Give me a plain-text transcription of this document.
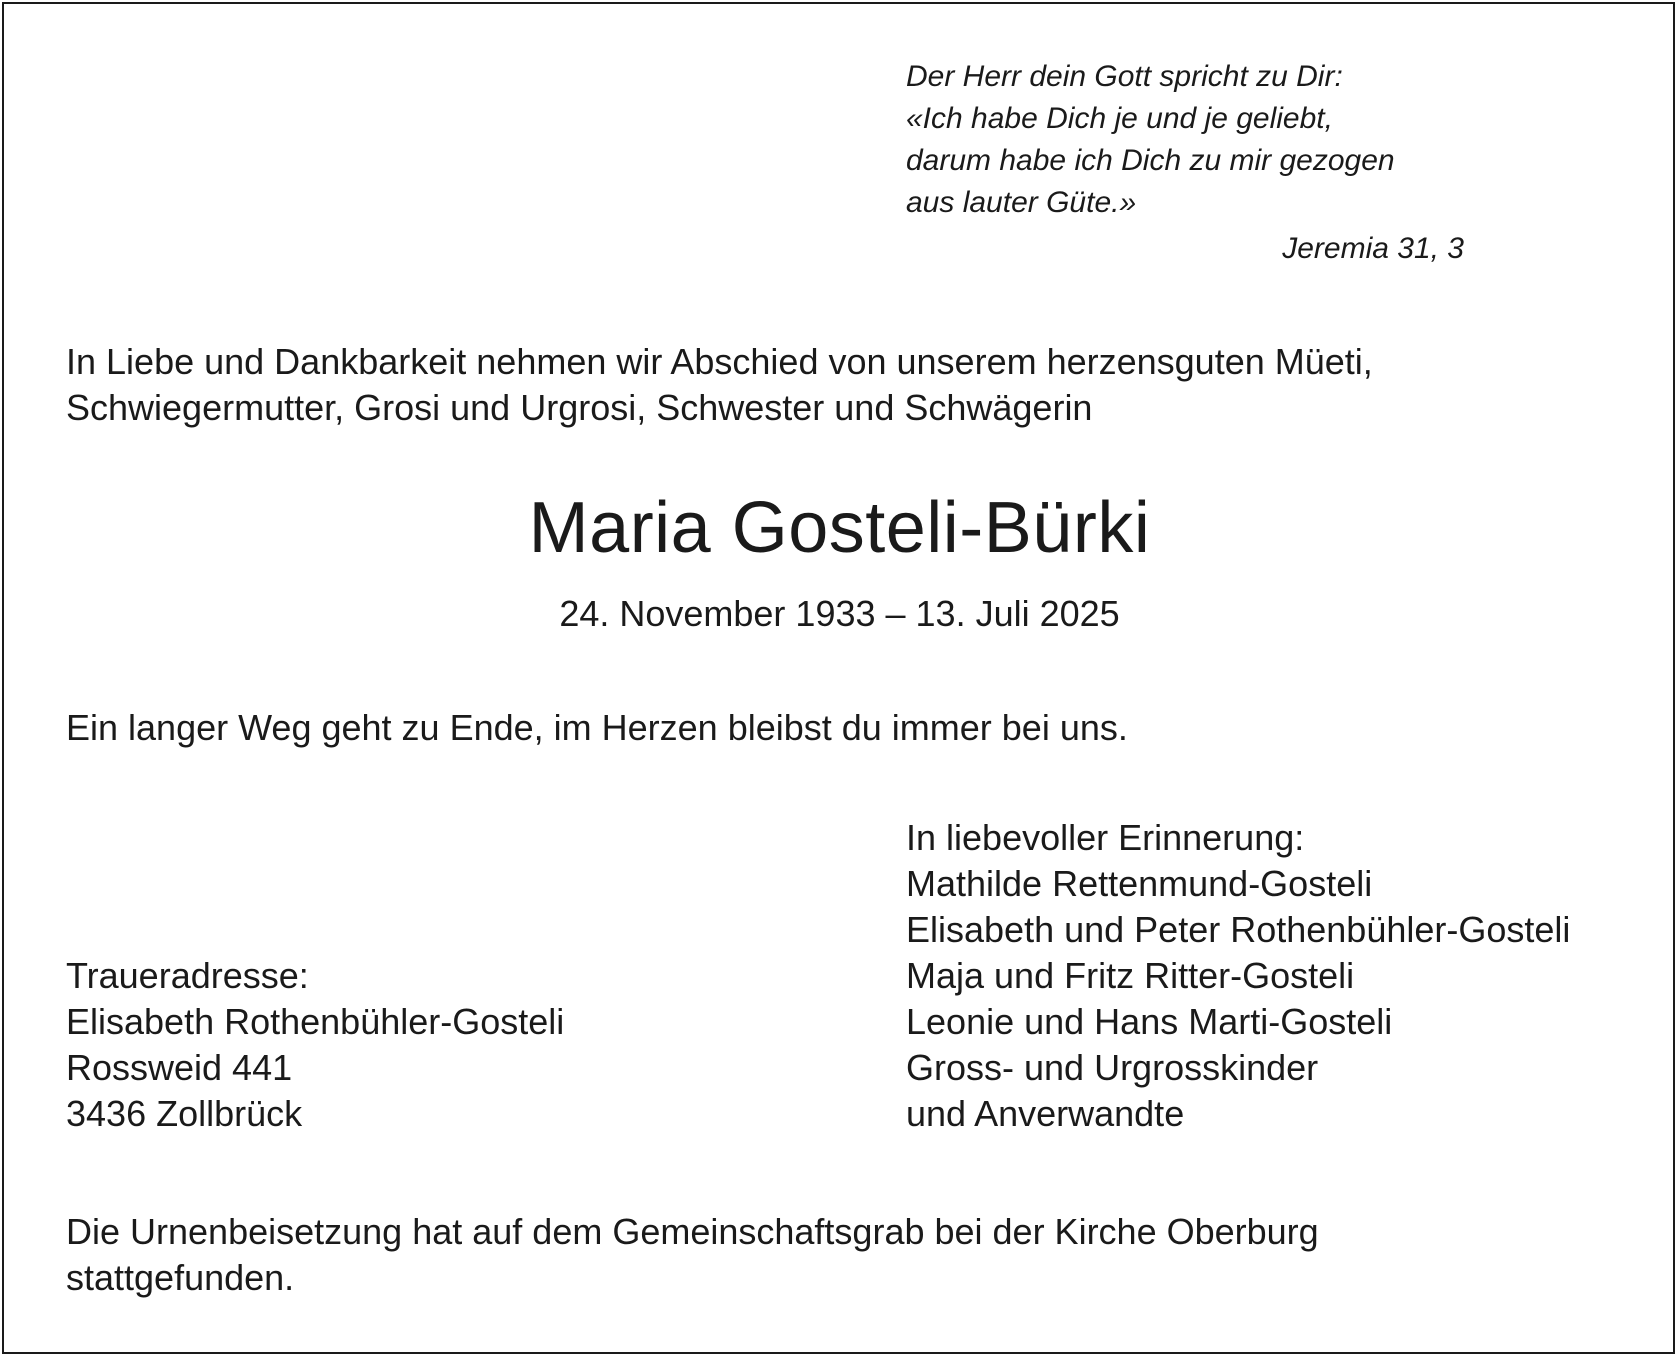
Der Herr dein Gott spricht zu Dir:
«Ich habe Dich je und je geliebt,
darum habe ich Dich zu mir gezogen
aus lauter Güte.»
Jeremia 31, 3
In Liebe und Dankbarkeit nehmen wir Abschied von unserem herzensguten Müeti,
Schwiegermutter, Grosi und Urgrosi, Schwester und Schwägerin
Maria Gosteli-Bürki
24. November 1933 – 13. Juli 2025
Ein langer Weg geht zu Ende, im Herzen bleibst du immer bei uns.
In liebevoller Erinnerung:
Mathilde Rettenmund-Gosteli
Elisabeth und Peter Rothenbühler-Gosteli
Maja und Fritz Ritter-Gosteli
Leonie und Hans Marti-Gosteli
Gross- und Urgrosskinder
und Anverwandte
Traueradresse:
Elisabeth Rothenbühler-Gosteli
Rossweid 441
3436 Zollbrück
Die Urnenbeisetzung hat auf dem Gemeinschaftsgrab bei der Kirche Oberburg
stattgefunden.
